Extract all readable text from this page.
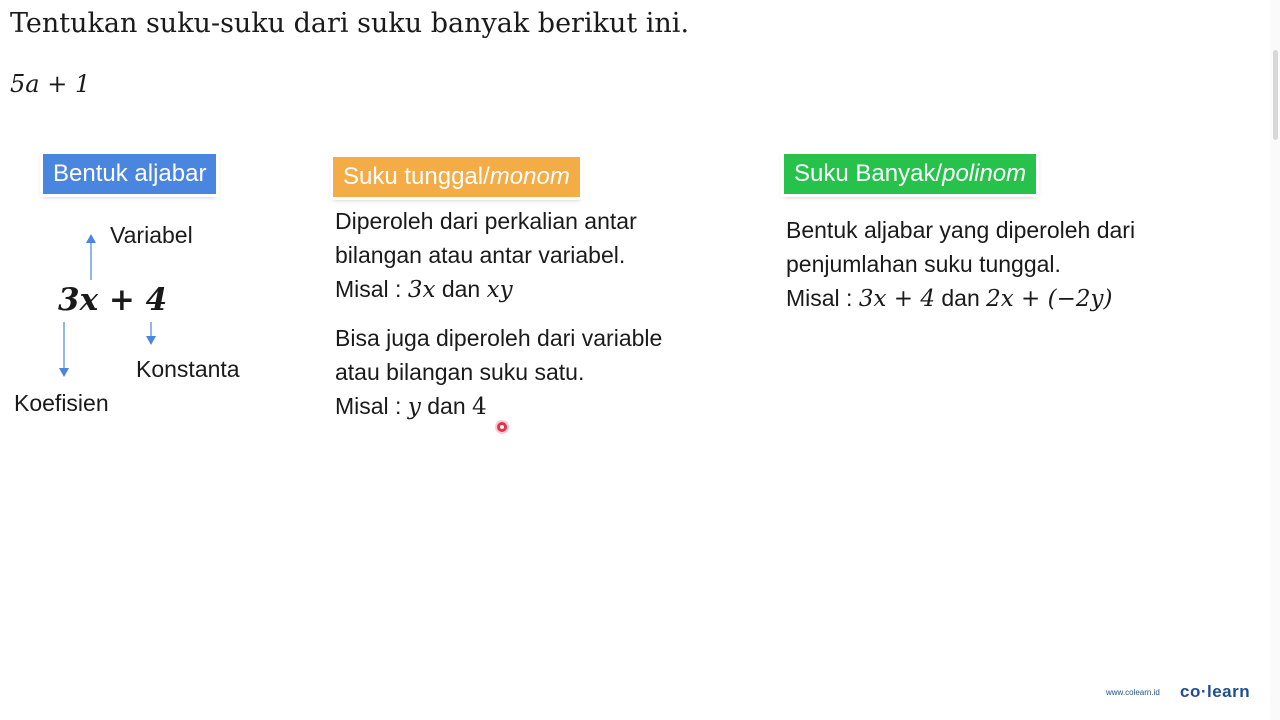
Tentukan suku-suku dari suku banyak berikut ini.
5a + 1
Bentuk aljabar
Variabel
3x + 4
Konstanta
Koefisien
Suku tunggal/monom
Diperoleh dari perkalian antar
bilangan atau antar variabel.
Misal : 3x dan xy
Bisa juga diperoleh dari variable
atau bilangan suku satu.
Misal : y dan 4
Suku Banyak/polinom
Bentuk aljabar yang diperoleh dari
penjumlahan suku tunggal.
Misal : 3x + 4 dan 2x + (−2y)
www.colearn.id co·learn
